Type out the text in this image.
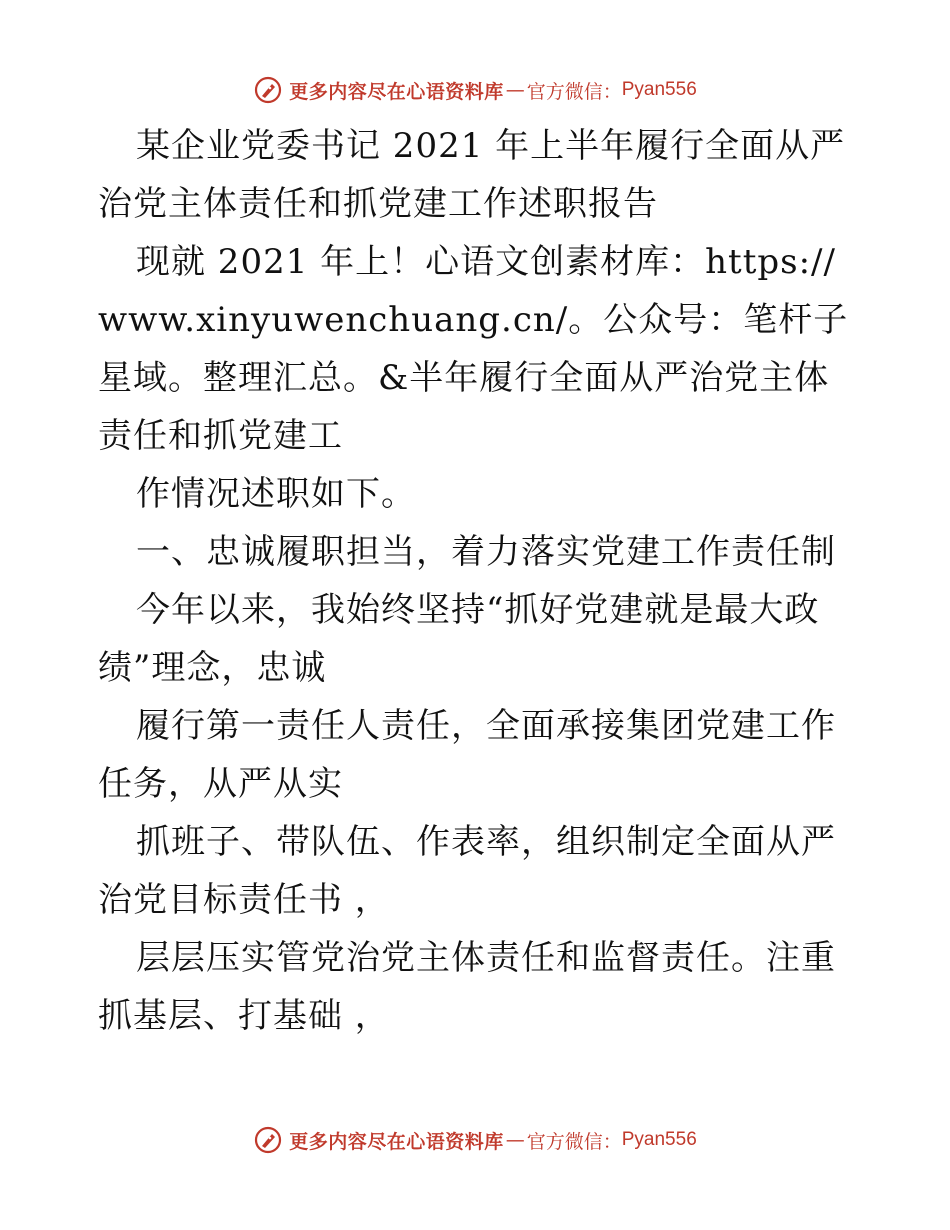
更多内容尽在心语资料库 — 官方微信： Pyan556

某企业党委书记 2021 年上半年履行全面从严治党主体责任和抓党建工作述职报告

现就 2021 年上！心语文创素材库：https://www.xinyuwenchuang.cn/。公众号：笔杆子星域。整理汇总。&半年履行全面从严治党主体责任和抓党建工

作情况述职如下。

一、忠诚履职担当，着力落实党建工作责任制

今年以来，我始终坚持“抓好党建就是最大政绩”理念，忠诚

履行第一责任人责任，全面承接集团党建工作任务，从严从实

抓班子、带队伍、作表率，组织制定全面从严治党目标责任书 ，

层层压实管党治党主体责任和监督责任。注重抓基层、打基础 ，

更多内容尽在心语资料库 — 官方微信： Pyan556
